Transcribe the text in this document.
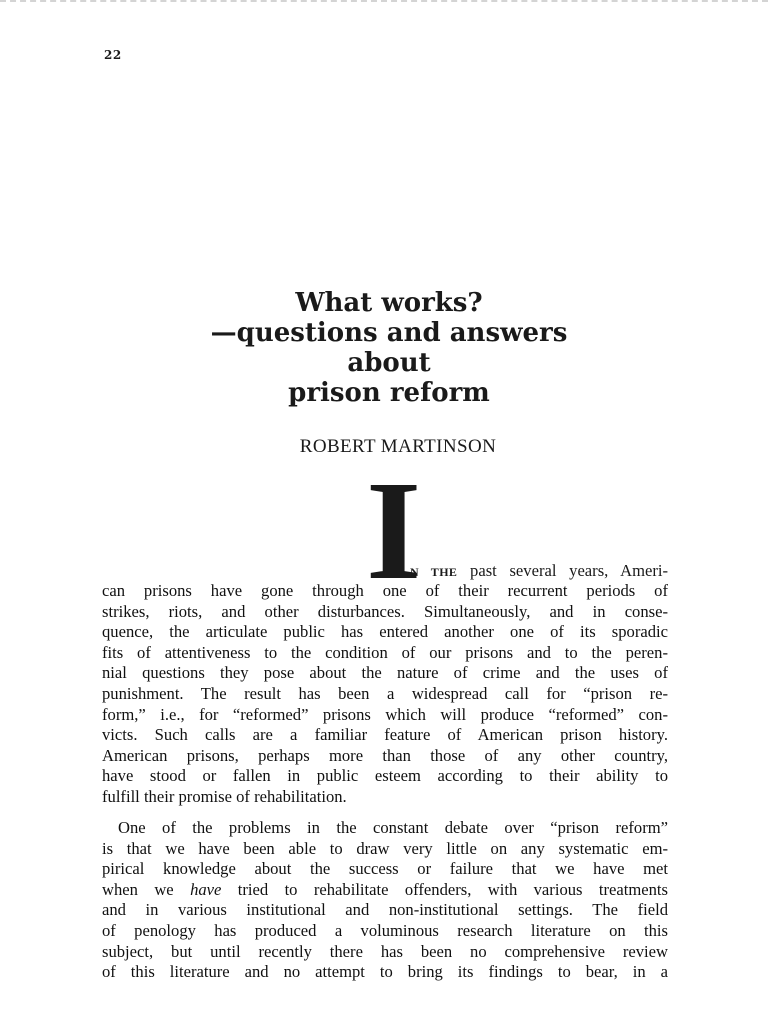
22
What works?
—questions and answers
about
prison reform
ROBERT MARTINSON
I
N THE past several years, Ameri-
can prisons have gone through one of their recurrent periods of
strikes, riots, and other disturbances. Simultaneously, and in conse-
quence, the articulate public has entered another one of its sporadic
fits of attentiveness to the condition of our prisons and to the peren-
nial questions they pose about the nature of crime and the uses of
punishment. The result has been a widespread call for “prison re-
form,” i.e., for “reformed” prisons which will produce “reformed” con-
victs. Such calls are a familiar feature of American prison history.
American prisons, perhaps more than those of any other country,
have stood or fallen in public esteem according to their ability to
fulfill their promise of rehabilitation.
One of the problems in the constant debate over “prison reform”
is that we have been able to draw very little on any systematic em-
pirical knowledge about the success or failure that we have met
when we have tried to rehabilitate offenders, with various treatments
and in various institutional and non-institutional settings. The field
of penology has produced a voluminous research literature on this
subject, but until recently there has been no comprehensive review
of this literature and no attempt to bring its findings to bear, in a
